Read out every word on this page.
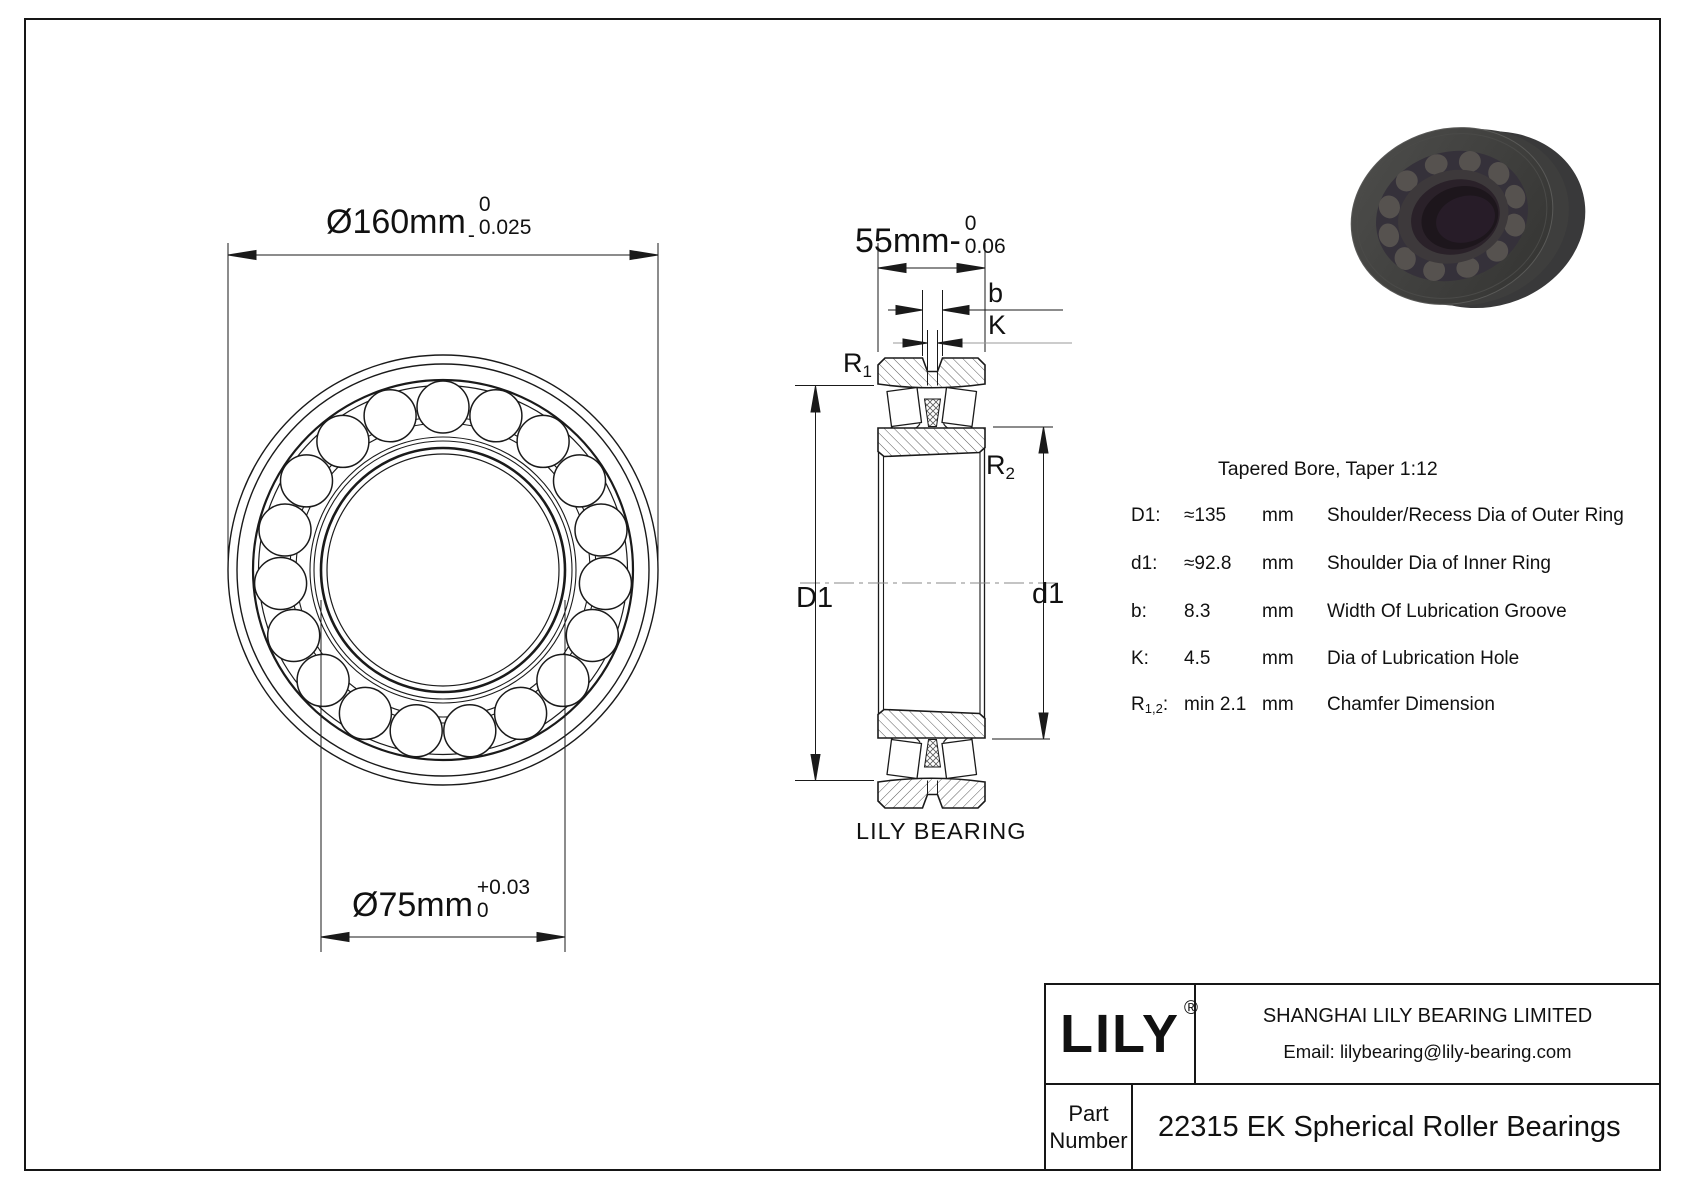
Ø160mm -
0
0.025
Ø75mm +0.03
0
55mm- 0
0.06
b
K
$R_1$
$R_2$
D1	d1
LILY BEARING
Tapered Bore, Taper 1:12
D1:	≈135	mm	Shoulder/Recess Dia of Outer Ring
d1:	≈92.8	mm	Shoulder Dia of Inner Ring
b:	8.3	mm	Width Of Lubrication Groove
K:	4.5	mm	Dia of Lubrication Hole
$R_{1,2}$: min 2.1 mm	Chamfer Dimension
LILY ®	SHANGHAI LILY BEARING LIMITED
Email: lilybearing@lily-bearing.com
Part
Number	22315 EK Spherical Roller Bearings
